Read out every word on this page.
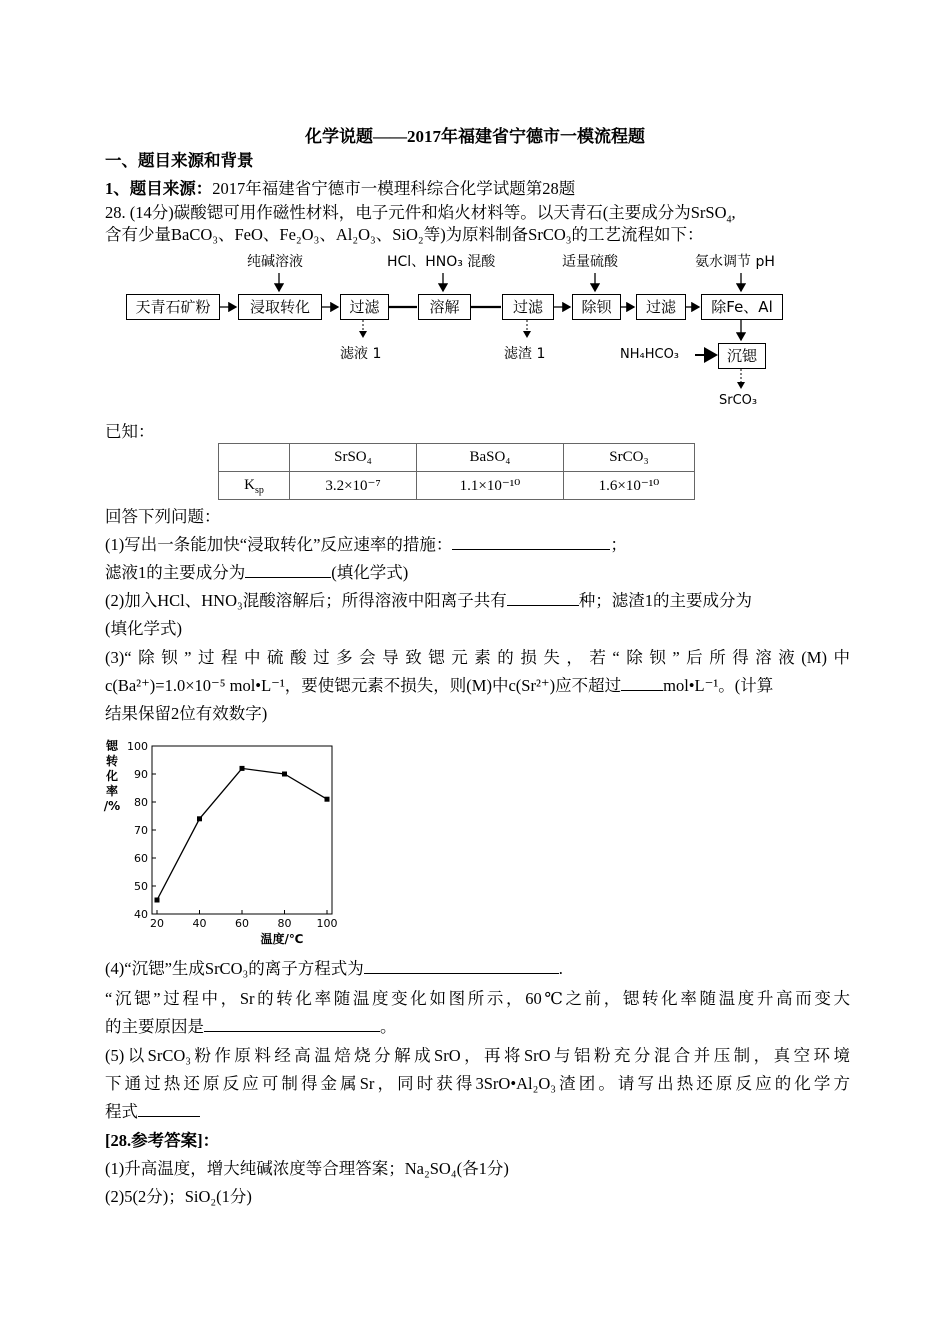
化学说题——2017年福建省宁德市一模流程题
一、题目来源和背景
1、题目来源：2017年福建省宁德市一模理科综合化学试题第28题
28. (14分)碳酸锶可用作磁性材料，电子元件和焰火材料等。以天青石(主要成分为SrSO$_4$,
含有少量BaCO₃、FeO、Fe₂O₃、Al₂O₃、SiO₂等)为原料制备SrCO₃的工艺流程如下：
天青石矿粉	浸取转化	过滤	溶解	过滤	除钡	过滤	除Fe、Al
沉锶
纯碱溶液	HCl、HNO₃ 混酸	适量硫酸	氨水调节 pH
滤液 1	滤渣 1	NH₄HCO₃
SrCO₃
已知：
	SrSO₄	BaSO₄	SrCO₃
$K_{sp}$	3.2×10⁻⁷	1.1×10⁻¹⁰	1.6×10⁻¹⁰
回答下列问题：
(1)写出一条能加快“浸取转化”反应速率的措施：	；
滤液1的主要成分为	(填化学式)
(2)加入HCl、HNO₃混酸溶解后；所得溶液中阳离子共有	种；滤渣1的主要成分为
(填化学式)
(3)“除钡”过程中硫酸过多会导致锶元素的损失，若“除钡”后所得溶液(M)中
c(Ba²⁺)=1.0×10⁻⁵ mol•L⁻¹，要使锶元素不损失，则(M)中c(Sr²⁺)应不超过	mol•L⁻¹。(计算
结果保留2位有效数字)
40
50
60
70
80
90
100
20	40	60	80 100
锶
转
化
率
/%
温度/℃
(4)“沉锶”生成SrCO₃的离子方程式为	.
“沉锶”过程中，Sr的转化率随温度变化如图所示，60℃之前，锶转化率随温度升高而变大
的主要原因是	。
(5)以SrCO₃粉作原料经高温焙烧分解成SrO，再将SrO与铝粉充分混合并压制，真空环境
下通过热还原反应可制得金属Sr，同时获得3SrO•Al₂O₃渣团。请写出热还原反应的化学方
程式
[28.参考答案]：
(1)升高温度，增大纯碱浓度等合理答案；Na₂SO₄(各1分)
(2)5(2分)；SiO₂(1分)
